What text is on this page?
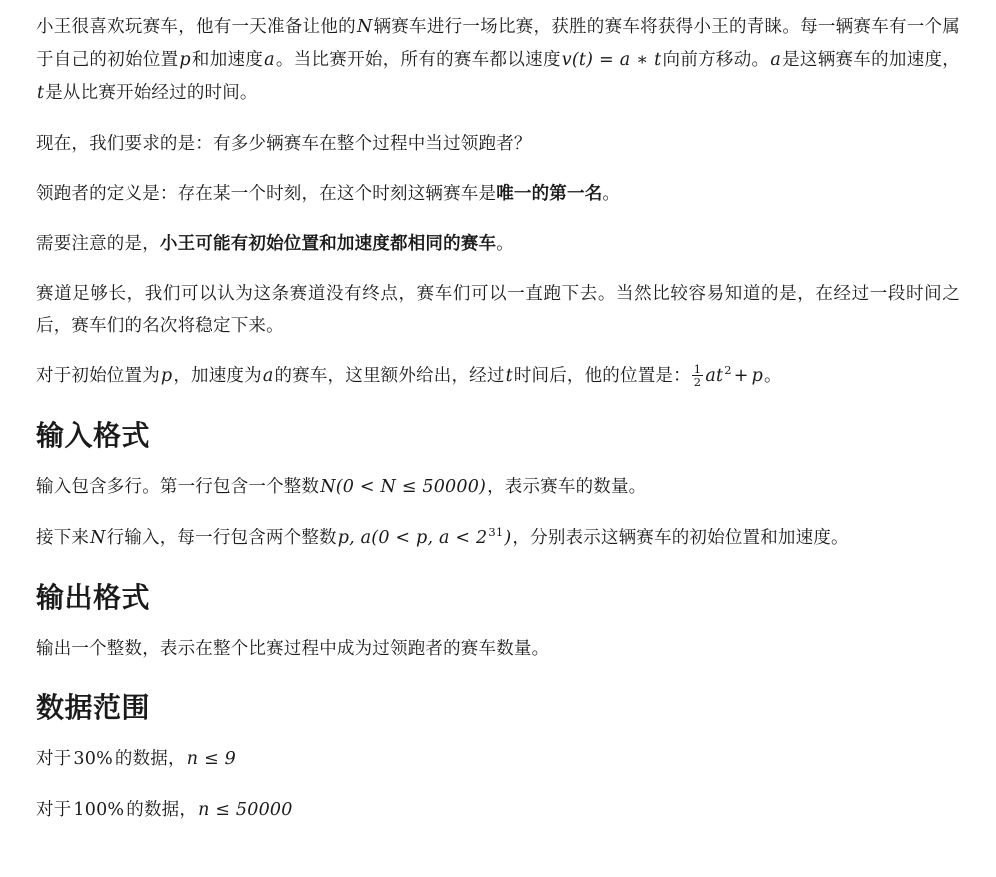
小王很喜欢玩赛车，他有一天准备让他的N辆赛车进行一场比赛，获胜的赛车将获得小王的青睐。每一辆赛车有一个属于自己的初始位置p和加速度a。当比赛开始，所有的赛车都以速度v(t) = a ∗ t向前方移动。a是这辆赛车的加速度，t是从比赛开始经过的时间。

现在，我们要求的是：有多少辆赛车在整个过程中当过领跑者？

领跑者的定义是：存在某一个时刻，在这个时刻这辆赛车是唯一的第一名。

需要注意的是，小王可能有初始位置和加速度都相同的赛车。

赛道足够长，我们可以认为这条赛道没有终点，赛车们可以一直跑下去。当然比较容易知道的是，在经过一段时间之后，赛车们的名次将稳定下来。

对于初始位置为p，加速度为a的赛车，这里额外给出，经过t时间后，他的位置是： $\frac{1}{2} at^2 + p$。

输入格式

输入包含多行。第一行包含一个整数N(0 < N ≤ 50000)，表示赛车的数量。

接下来N行输入，每一行包含两个整数p, a(0 < p, $a < 2^{31}$)，分别表示这辆赛车的初始位置和加速度。

输出格式

输出一个整数，表示在整个比赛过程中成为过领跑者的赛车数量。

数据范围

对于 30% 的数据，n ≤ 9

对于 100% 的数据，n ≤ 50000
